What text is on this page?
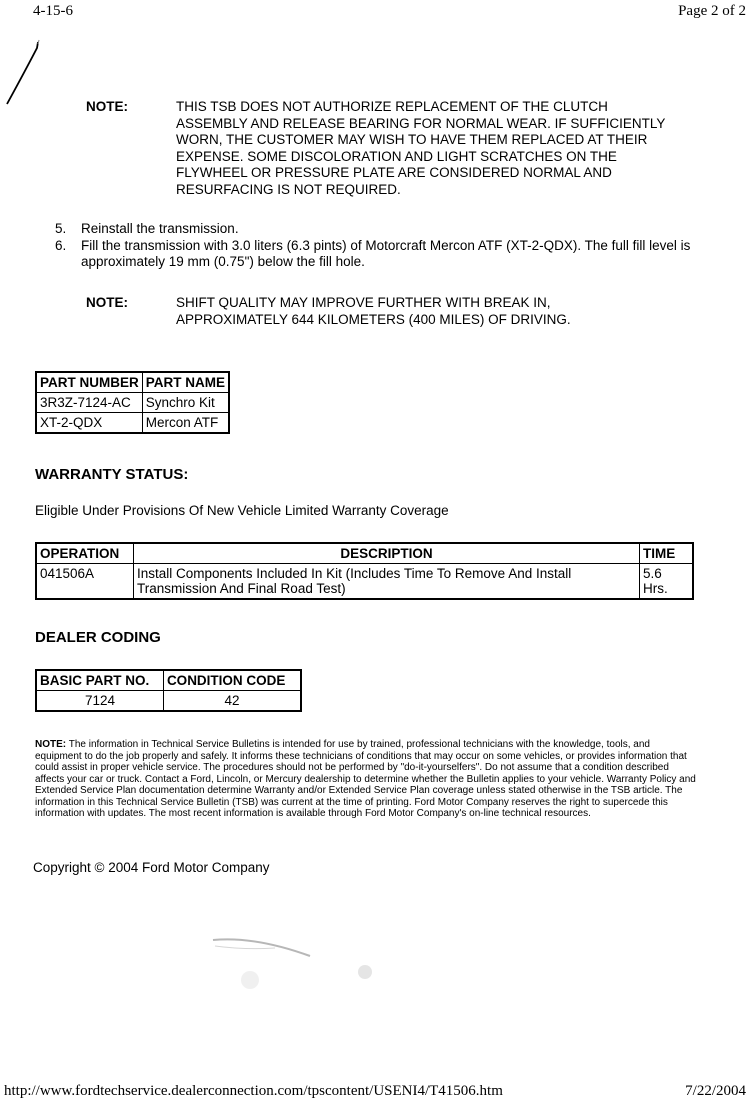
4-15-6	Page 2 of 2
NOTE:	THIS TSB DOES NOT AUTHORIZE REPLACEMENT OF THE CLUTCH ASSEMBLY AND RELEASE BEARING FOR NORMAL WEAR. IF SUFFICIENTLY WORN, THE CUSTOMER MAY WISH TO HAVE THEM REPLACED AT THEIR EXPENSE. SOME DISCOLORATION AND LIGHT SCRATCHES ON THE FLYWHEEL OR PRESSURE PLATE ARE CONSIDERED NORMAL AND RESURFACING IS NOT REQUIRED.
5. Reinstall the transmission.
6. Fill the transmission with 3.0 liters (6.3 pints) of Motorcraft Mercon ATF (XT-2-QDX). The full fill level is approximately 19 mm (0.75") below the fill hole.
NOTE:	SHIFT QUALITY MAY IMPROVE FURTHER WITH BREAK IN, APPROXIMATELY 644 KILOMETERS (400 MILES) OF DRIVING.
PART NUMBER	PART NAME
3R3Z-7124-AC	Synchro Kit
XT-2-QDX	Mercon ATF
WARRANTY STATUS:
Eligible Under Provisions Of New Vehicle Limited Warranty Coverage
OPERATION	DESCRIPTION	TIME
041506A	Install Components Included In Kit (Includes Time To Remove And Install Transmission And Final Road Test)	5.6 Hrs.
DEALER CODING
BASIC PART NO.	CONDITION CODE
7124	42
NOTE: The information in Technical Service Bulletins is intended for use by trained, professional technicians with the knowledge, tools, and equipment to do the job properly and safely. It informs these technicians of conditions that may occur on some vehicles, or provides information that could assist in proper vehicle service. The procedures should not be performed by "do-it-yourselfers". Do not assume that a condition described affects your car or truck. Contact a Ford, Lincoln, or Mercury dealership to determine whether the Bulletin applies to your vehicle. Warranty Policy and Extended Service Plan documentation determine Warranty and/or Extended Service Plan coverage unless stated otherwise in the TSB article. The information in this Technical Service Bulletin (TSB) was current at the time of printing. Ford Motor Company reserves the right to supercede this information with updates. The most recent information is available through Ford Motor Company's on-line technical resources.
Copyright © 2004 Ford Motor Company
http://www.fordtechservice.dealerconnection.com/tpscontent/USENI4/T41506.htm	7/22/2004
